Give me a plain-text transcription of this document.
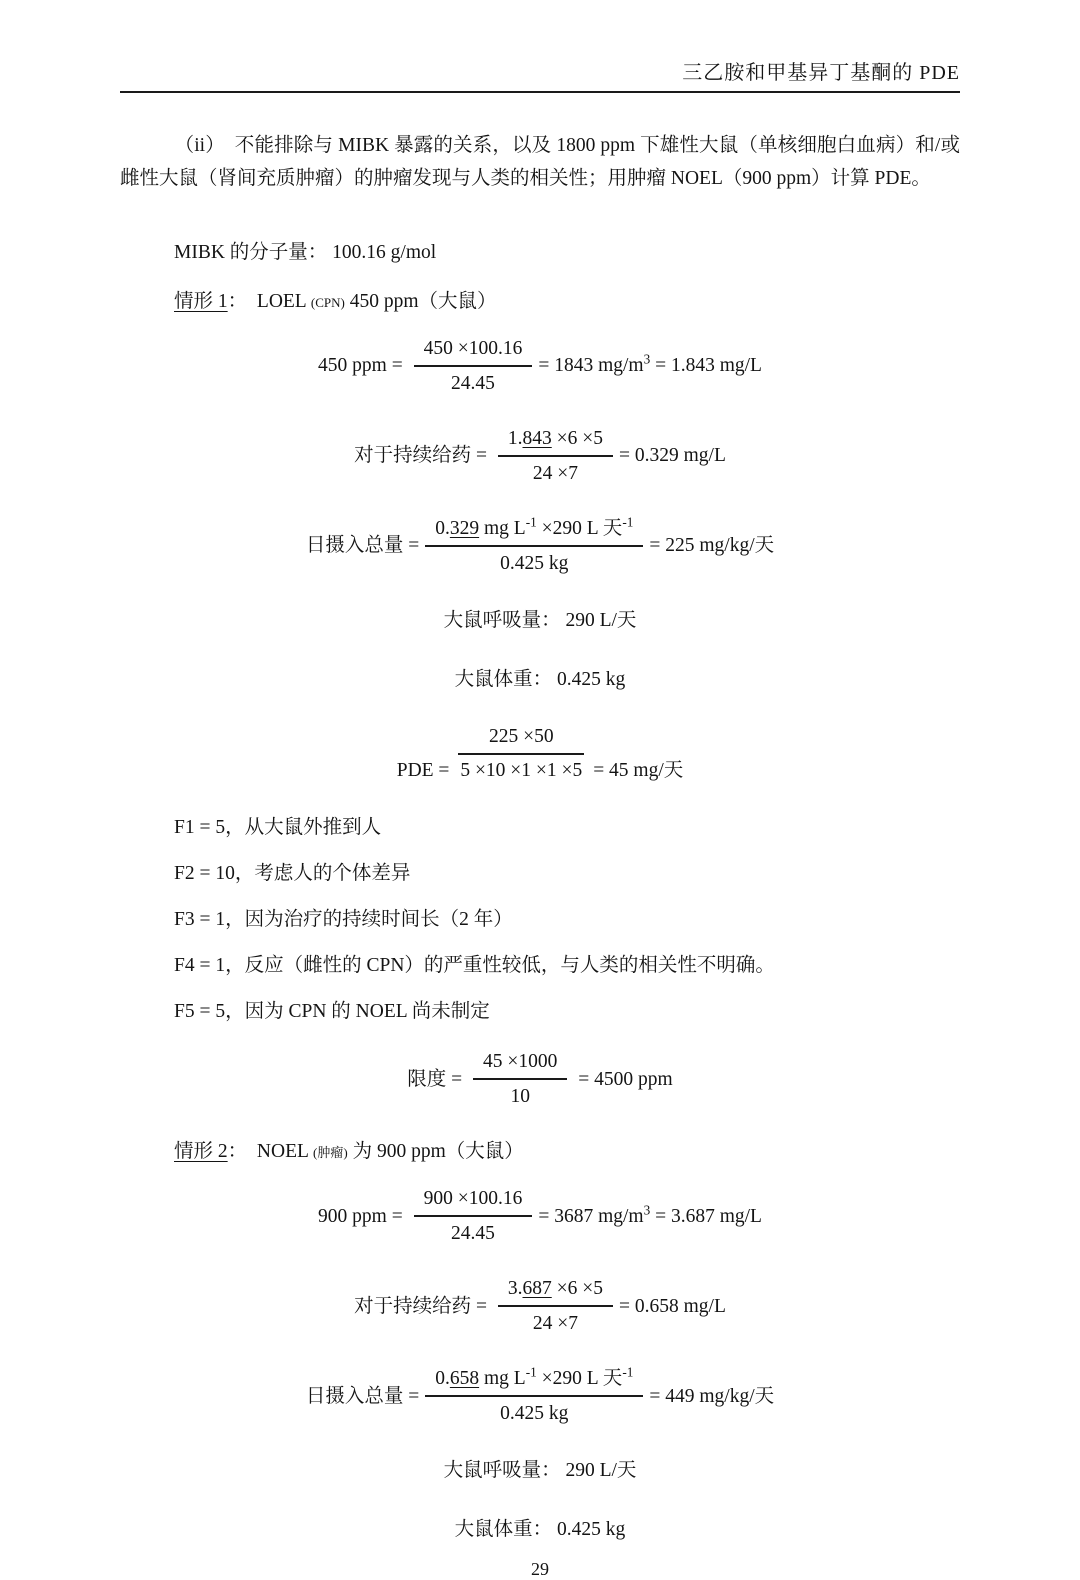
三乙胺和甲基异丁基酮的 PDE

（ii）　不能排除与 MIBK 暴露的关系，以及 1800 ppm 下雄性大鼠（单核细胞白血病）和/或雌性大鼠（肾间充质肿瘤）的肿瘤发现与人类的相关性；用肿瘤 NOEL（900 ppm）计算 PDE。

MIBK 的分子量： 100.16 g/mol
情形 1：  LOEL (CPN) 450 ppm（大鼠）
450 ppm = $\frac{450 \times 100.16}{24.45} = 1843$ $mg/m^3 = 1.843$ mg/L
对于持续给药 = $\frac{1.843 \times 6 \times 5}{24 \times 7} = 0.329$ mg/L
日摄入总量 = $\frac{0.329 mg L^{-1} \times 290 L 天^{-1}}{0.425 kg} = 225$ mg/kg/天
大鼠呼吸量： 290 L/天
大鼠体重： 0.425 kg
PDE = $\frac{225 \times 50}{5 \times 10 \times 1 \times 1 \times 5} = 45$ mg/天
F1 = 5，从大鼠外推到人
F2 = 10，考虑人的个体差异
F3 = 1，因为治疗的持续时间长（2 年）
F4 = 1，反应（雌性的 CPN）的严重性较低，与人类的相关性不明确。
F5 = 5，因为 CPN 的 NOEL 尚未制定
限度 = $\frac{45 \times 1000}{10} = 4500$ ppm
情形 2：  NOEL (肿瘤) 为 900 ppm（大鼠）
900 ppm = $\frac{900 \times 100.16}{24.45} = 3687$ $mg/m^3 = 3.687$ mg/L
对于持续给药 = $\frac{3.687 \times 6 \times 5}{24 \times 7} = 0.658$ mg/L
日摄入总量 = $\frac{0.658 mg L^{-1} \times 290 L 天^{-1}}{0.425 kg} = 449$ mg/kg/天
大鼠呼吸量： 290 L/天
大鼠体重： 0.425 kg
29
